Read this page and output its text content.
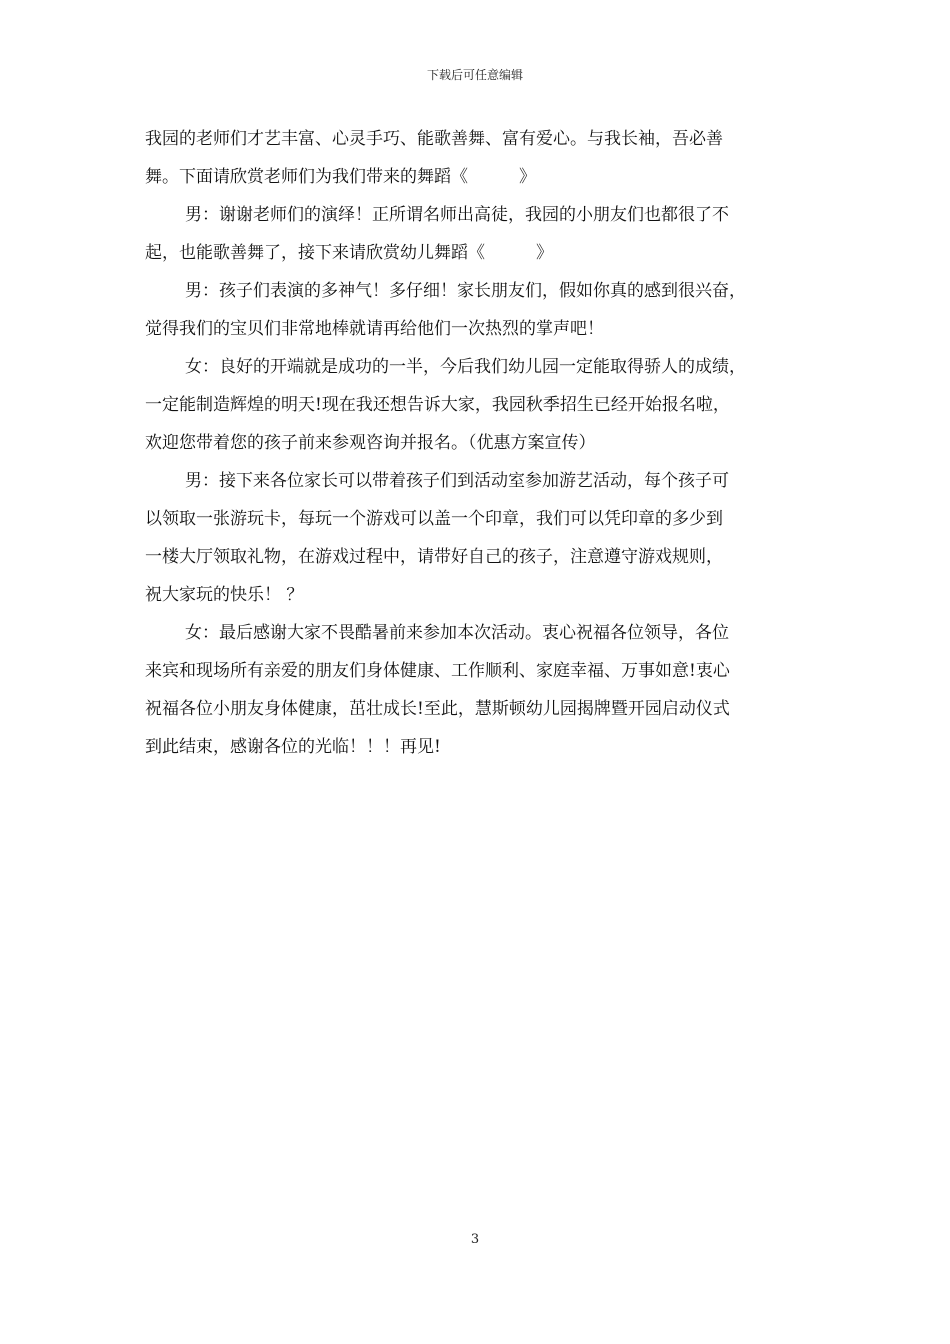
下载后可任意编辑

我园的老师们才艺丰富、心灵手巧、能歌善舞、富有爱心。与我长袖，吾必善
舞。下面请欣赏老师们为我们带来的舞蹈《　　　》

男：谢谢老师们的演绎！正所谓名师出高徒，我园的小朋友们也都很了不
起，也能歌善舞了，接下来请欣赏幼儿舞蹈《　　　》

男：孩子们表演的多神气！多仔细！家长朋友们，假如你真的感到很兴奋，
觉得我们的宝贝们非常地棒就请再给他们一次热烈的掌声吧！

女：良好的开端就是成功的一半，今后我们幼儿园一定能取得骄人的成绩，
一定能制造辉煌的明天!现在我还想告诉大家，我园秋季招生已经开始报名啦，
欢迎您带着您的孩子前来参观咨询并报名。（优惠方案宣传）

男：接下来各位家长可以带着孩子们到活动室参加游艺活动，每个孩子可
以领取一张游玩卡，每玩一个游戏可以盖一个印章，我们可以凭印章的多少到
一楼大厅领取礼物，在游戏过程中，请带好自己的孩子，注意遵守游戏规则，
祝大家玩的快乐！ ？

女：最后感谢大家不畏酷暑前来参加本次活动。衷心祝福各位领导，各位
来宾和现场所有亲爱的朋友们身体健康、工作顺利、家庭幸福、万事如意!衷心
祝福各位小朋友身体健康，茁壮成长!至此，慧斯顿幼儿园揭牌暨开园启动仪式
到此结束，感谢各位的光临！！！再见!

3
